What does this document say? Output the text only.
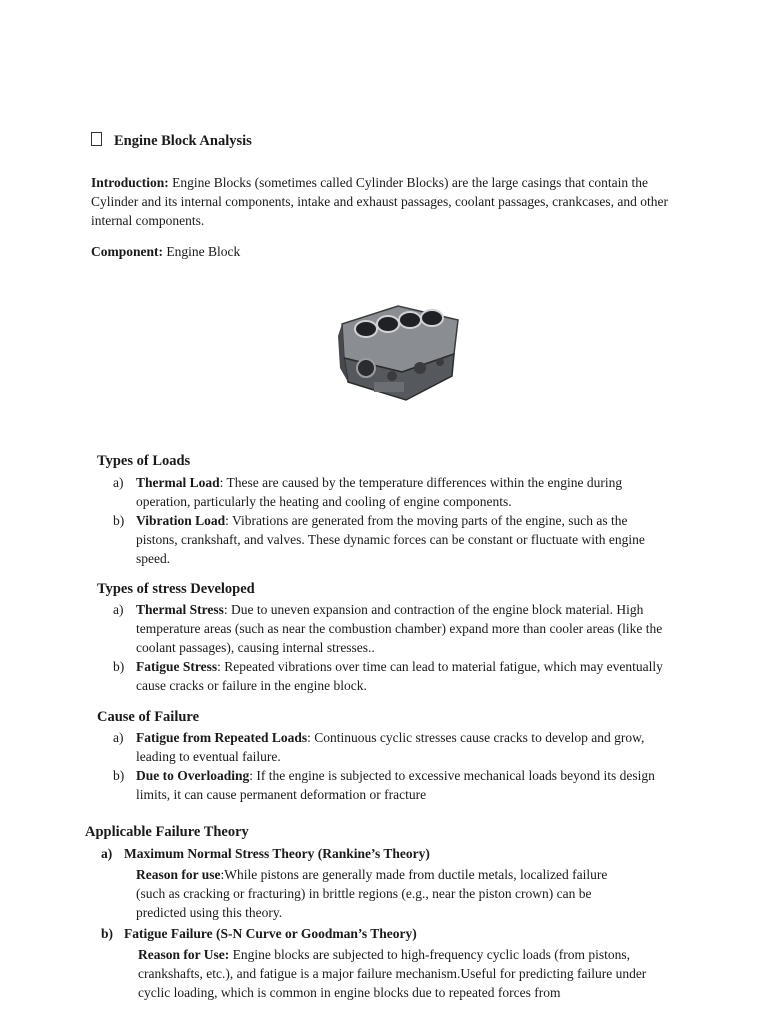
Engine Block Analysis
Introduction: Engine Blocks (sometimes called Cylinder Blocks) are the large casings that contain the Cylinder and its internal components, intake and exhaust passages, coolant passages, crankcases, and other internal components.
Component: Engine Block
Types of Loads
a) Thermal Load: These are caused by the temperature differences within the engine during operation, particularly the heating and cooling of engine components.
b) Vibration Load: Vibrations are generated from the moving parts of the engine, such as the pistons, crankshaft, and valves. These dynamic forces can be constant or fluctuate with engine speed.
Types of stress Developed
a) Thermal Stress: Due to uneven expansion and contraction of the engine block material. High temperature areas (such as near the combustion chamber) expand more than cooler areas (like the coolant passages), causing internal stresses..
b) Fatigue Stress: Repeated vibrations over time can lead to material fatigue, which may eventually cause cracks or failure in the engine block.
Cause of Failure
a) Fatigue from Repeated Loads: Continuous cyclic stresses cause cracks to develop and grow, leading to eventual failure.
b) Due to Overloading: If the engine is subjected to excessive mechanical loads beyond its design limits, it can cause permanent deformation or fracture
Applicable Failure Theory
a) Maximum Normal Stress Theory (Rankine’s Theory)
Reason for use:While pistons are generally made from ductile metals, localized failure (such as cracking or fracturing) in brittle regions (e.g., near the piston crown) can be predicted using this theory.
b) Fatigue Failure (S-N Curve or Goodman’s Theory)
Reason for Use: Engine blocks are subjected to high-frequency cyclic loads (from pistons, crankshafts, etc.), and fatigue is a major failure mechanism.Useful for predicting failure under cyclic loading, which is common in engine blocks due to repeated forces from
